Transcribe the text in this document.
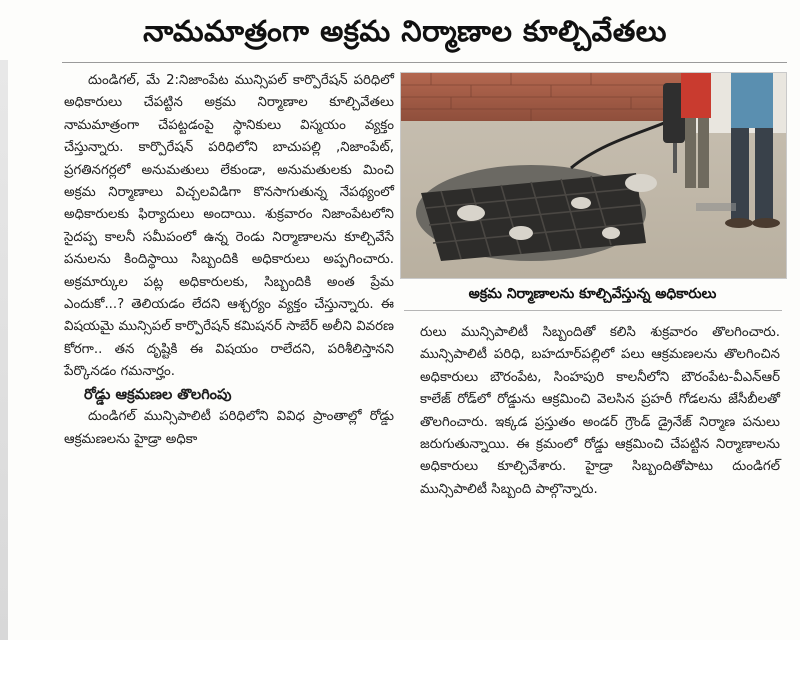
నామమాత్రంగా అక్రమ నిర్మాణాల కూల్చివేతలు

దుండిగల్, మే 2:నిజాంపేట మున్సిపల్ కార్పొరేషన్ పరిధిలో అధికారులు చేపట్టిన అక్రమ నిర్మాణాల కూల్చివేతలు నామమాత్రంగా చేపట్టడంపై స్థానికులు విస్మయం వ్యక్తం చేస్తున్నారు. కార్పొరేషన్ పరిధిలోని బాచుపల్లి ,నిజాంపేట్, ప్రగతినగర్లలో అనుమతులు లేకుండా, అనుమతులకు మించి అక్రమ నిర్మాణాలు విచ్చలవిడిగా కొనసాగుతున్న నేపథ్యంలో అధికారులకు ఫిర్యాదులు అందాయి. శుక్రవారం నిజాంపేటలోని సైదప్ప కాలనీ సమీపంలో ఉన్న రెండు నిర్మాణాలను కూల్చివేసే పనులను కిందిస్థాయి సిబ్బందికి అధికారులు అప్పగించారు. అక్రమార్కుల పట్ల అధికారులకు, సిబ్బందికి అంత ప్రేమ ఎందుకో...? తెలియడం లేదని ఆశ్చర్యం వ్యక్తం చేస్తున్నారు. ఈ విషయమై మున్సిపల్ కార్పొరేషన్ కమిషనర్ సాబేర్ అలీని వివరణ కోరగా.. తన దృష్టికి ఈ విషయం రాలేదని, పరిశీలిస్తానని పేర్కొనడం గమనార్హం.

రోడ్డు ఆక్రమణల తొలగింపు

దుండిగల్ మున్సిపాలిటీ పరిధిలోని వివిధ ప్రాంతాల్లో రోడ్డు ఆక్రమణలను హైడ్రా అధికా

అక్రమ నిర్మాణాలను కూల్చివేస్తున్న అధికారులు

రులు మున్సిపాలిటీ సిబ్బందితో కలిసి శుక్రవారం తొలగించారు. మున్సిపాలిటీ పరిధి, బహదూర్‌పల్లిలో పలు ఆక్రమణలను తొలగించిన అధికారులు బౌరంపేట, సింహపురి కాలనీలోని బౌరంపేట-వీఎన్ఆర్ కాలేజ్ రోడ్‌లో రోడ్డును ఆక్రమించి వెలసిన ప్రహరీ గోడలను జేసీబీలతో తొలగించారు. ఇక్కడ ప్రస్తుతం అండర్ గ్రౌండ్ డ్రైనేజ్ నిర్మాణ పనులు జరుగుతున్నాయి. ఈ క్రమంలో రోడ్డు ఆక్రమించి చేపట్టిన నిర్మాణాలను అధికారులు కూల్చివేశారు. హైడ్రా సిబ్బందితోపాటు దుండిగల్ మున్సిపాలిటీ సిబ్బంది పాల్గొన్నారు.
